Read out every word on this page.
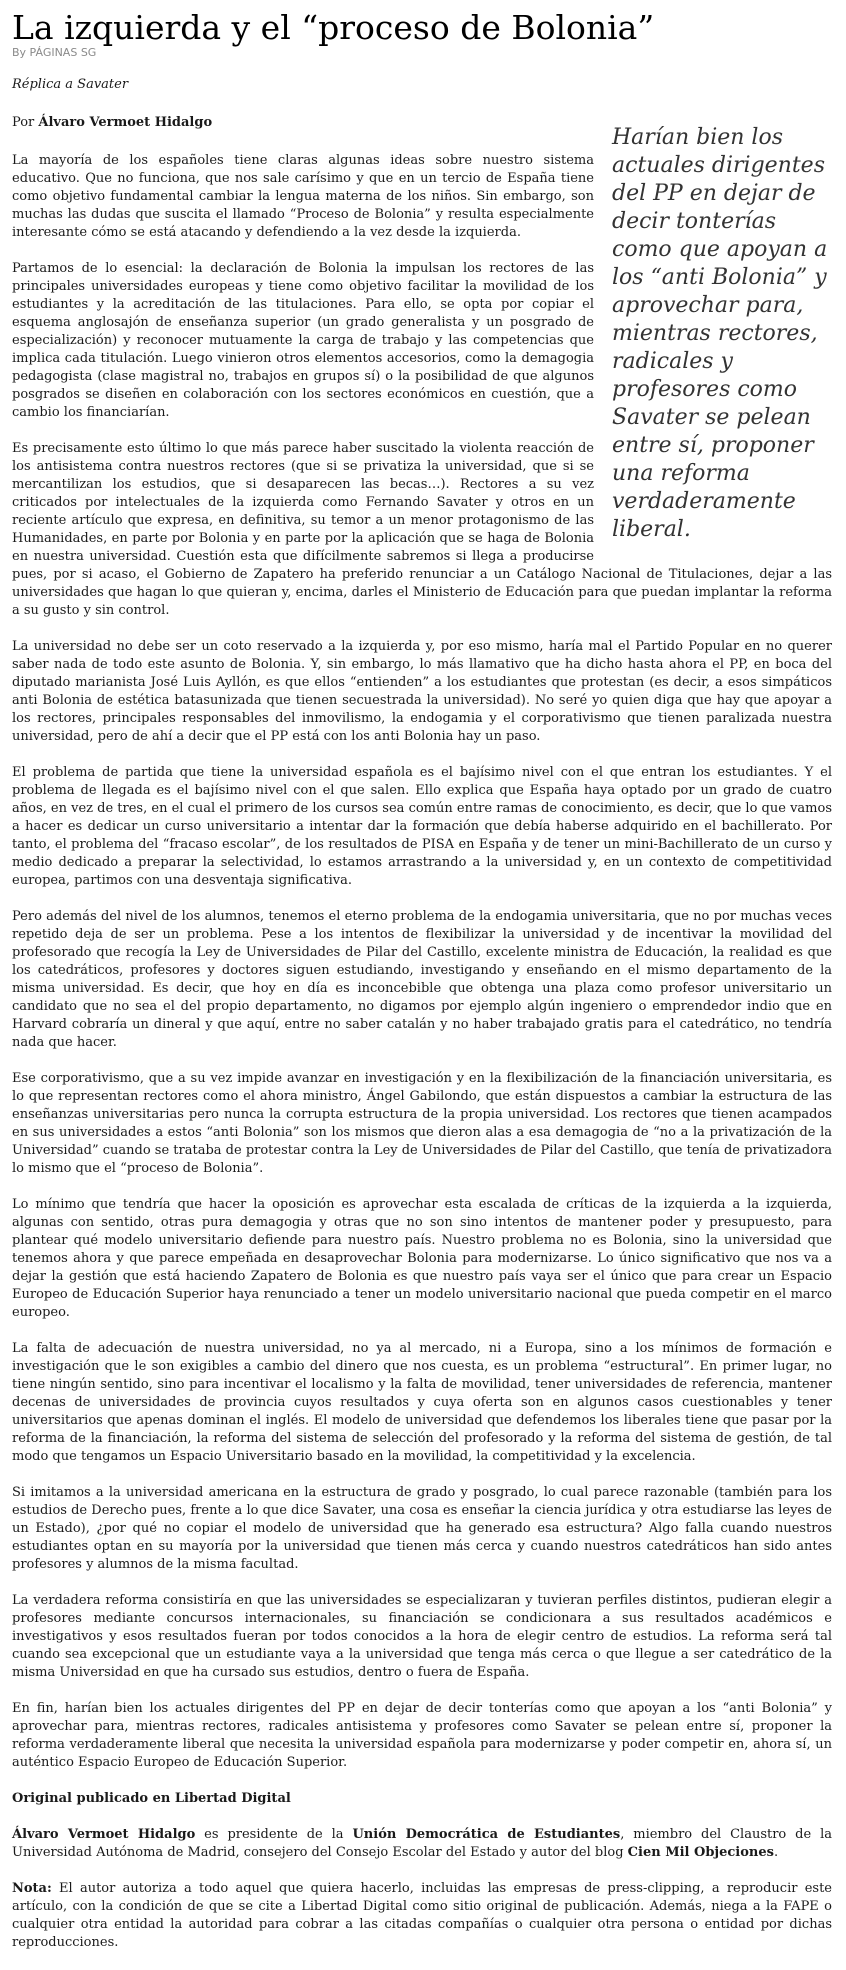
La izquierda y el “proceso de Bolonia”
By PÁGINAS SG

Réplica a Savater

Harían bien los actuales dirigentes del PP en dejar de decir tonterías como que apoyan a los “anti Bolonia” y aprovechar para, mientras rectores, radicales y profesores como Savater se pelean entre sí, proponer una reforma verdaderamente liberal.

Por Álvaro Vermoet Hidalgo

La mayoría de los españoles tiene claras algunas ideas sobre nuestro sistema educativo. Que no funciona, que nos sale carísimo y que en un tercio de España tiene como objetivo fundamental cambiar la lengua materna de los niños. Sin embargo, son muchas las dudas que suscita el llamado “Proceso de Bolonia” y resulta especialmente interesante cómo se está atacando y defendiendo a la vez desde la izquierda.

Partamos de lo esencial: la declaración de Bolonia la impulsan los rectores de las principales universidades europeas y tiene como objetivo facilitar la movilidad de los estudiantes y la acreditación de las titulaciones. Para ello, se opta por copiar el esquema anglosajón de enseñanza superior (un grado generalista y un posgrado de especialización) y reconocer mutuamente la carga de trabajo y las competencias que implica cada titulación. Luego vinieron otros elementos accesorios, como la demagogia pedagogista (clase magistral no, trabajos en grupos sí) o la posibilidad de que algunos posgrados se diseñen en colaboración con los sectores económicos en cuestión, que a cambio los financiarían.

Es precisamente esto último lo que más parece haber suscitado la violenta reacción de los antisistema contra nuestros rectores (que si se privatiza la universidad, que si se mercantilizan los estudios, que si desaparecen las becas…). Rectores a su vez criticados por intelectuales de la izquierda como Fernando Savater y otros en un reciente artículo que expresa, en definitiva, su temor a un menor protagonismo de las Humanidades, en parte por Bolonia y en parte por la aplicación que se haga de Bolonia en nuestra universidad. Cuestión esta que difícilmente sabremos si llega a producirse pues, por si acaso, el Gobierno de Zapatero ha preferido renunciar a un Catálogo Nacional de Titulaciones, dejar a las universidades que hagan lo que quieran y, encima, darles el Ministerio de Educación para que puedan implantar la reforma a su gusto y sin control.

La universidad no debe ser un coto reservado a la izquierda y, por eso mismo, haría mal el Partido Popular en no querer saber nada de todo este asunto de Bolonia. Y, sin embargo, lo más llamativo que ha dicho hasta ahora el PP, en boca del diputado marianista José Luis Ayllón, es que ellos “entienden” a los estudiantes que protestan (es decir, a esos simpáticos anti Bolonia de estética batasunizada que tienen secuestrada la universidad). No seré yo quien diga que hay que apoyar a los rectores, principales responsables del inmovilismo, la endogamia y el corporativismo que tienen paralizada nuestra universidad, pero de ahí a decir que el PP está con los anti Bolonia hay un paso.

El problema de partida que tiene la universidad española es el bajísimo nivel con el que entran los estudiantes. Y el problema de llegada es el bajísimo nivel con el que salen. Ello explica que España haya optado por un grado de cuatro años, en vez de tres, en el cual el primero de los cursos sea común entre ramas de conocimiento, es decir, que lo que vamos a hacer es dedicar un curso universitario a intentar dar la formación que debía haberse adquirido en el bachillerato. Por tanto, el problema del “fracaso escolar”, de los resultados de PISA en España y de tener un mini-Bachillerato de un curso y medio dedicado a preparar la selectividad, lo estamos arrastrando a la universidad y, en un contexto de competitividad europea, partimos con una desventaja significativa.

Pero además del nivel de los alumnos, tenemos el eterno problema de la endogamia universitaria, que no por muchas veces repetido deja de ser un problema. Pese a los intentos de flexibilizar la universidad y de incentivar la movilidad del profesorado que recogía la Ley de Universidades de Pilar del Castillo, excelente ministra de Educación, la realidad es que los catedráticos, profesores y doctores siguen estudiando, investigando y enseñando en el mismo departamento de la misma universidad. Es decir, que hoy en día es inconcebible que obtenga una plaza como profesor universitario un candidato que no sea el del propio departamento, no digamos por ejemplo algún ingeniero o emprendedor indio que en Harvard cobraría un dineral y que aquí, entre no saber catalán y no haber trabajado gratis para el catedrático, no tendría nada que hacer.

Ese corporativismo, que a su vez impide avanzar en investigación y en la flexibilización de la financiación universitaria, es lo que representan rectores como el ahora ministro, Ángel Gabilondo, que están dispuestos a cambiar la estructura de las enseñanzas universitarias pero nunca la corrupta estructura de la propia universidad. Los rectores que tienen acampados en sus universidades a estos “anti Bolonia” son los mismos que dieron alas a esa demagogia de “no a la privatización de la Universidad” cuando se trataba de protestar contra la Ley de Universidades de Pilar del Castillo, que tenía de privatizadora lo mismo que el “proceso de Bolonia”.

Lo mínimo que tendría que hacer la oposición es aprovechar esta escalada de críticas de la izquierda a la izquierda, algunas con sentido, otras pura demagogia y otras que no son sino intentos de mantener poder y presupuesto, para plantear qué modelo universitario defiende para nuestro país. Nuestro problema no es Bolonia, sino la universidad que tenemos ahora y que parece empeñada en desaprovechar Bolonia para modernizarse. Lo único significativo que nos va a dejar la gestión que está haciendo Zapatero de Bolonia es que nuestro país vaya ser el único que para crear un Espacio Europeo de Educación Superior haya renunciado a tener un modelo universitario nacional que pueda competir en el marco europeo.

La falta de adecuación de nuestra universidad, no ya al mercado, ni a Europa, sino a los mínimos de formación e investigación que le son exigibles a cambio del dinero que nos cuesta, es un problema “estructural”. En primer lugar, no tiene ningún sentido, sino para incentivar el localismo y la falta de movilidad, tener universidades de referencia, mantener decenas de universidades de provincia cuyos resultados y cuya oferta son en algunos casos cuestionables y tener universitarios que apenas dominan el inglés. El modelo de universidad que defendemos los liberales tiene que pasar por la reforma de la financiación, la reforma del sistema de selección del profesorado y la reforma del sistema de gestión, de tal modo que tengamos un Espacio Universitario basado en la movilidad, la competitividad y la excelencia.

Si imitamos a la universidad americana en la estructura de grado y posgrado, lo cual parece razonable (también para los estudios de Derecho pues, frente a lo que dice Savater, una cosa es enseñar la ciencia jurídica y otra estudiarse las leyes de un Estado), ¿por qué no copiar el modelo de universidad que ha generado esa estructura? Algo falla cuando nuestros estudiantes optan en su mayoría por la universidad que tienen más cerca y cuando nuestros catedráticos han sido antes profesores y alumnos de la misma facultad.

La verdadera reforma consistiría en que las universidades se especializaran y tuvieran perfiles distintos, pudieran elegir a profesores mediante concursos internacionales, su financiación se condicionara a sus resultados académicos e investigativos y esos resultados fueran por todos conocidos a la hora de elegir centro de estudios. La reforma será tal cuando sea excepcional que un estudiante vaya a la universidad que tenga más cerca o que llegue a ser catedrático de la misma Universidad en que ha cursado sus estudios, dentro o fuera de España.

En fin, harían bien los actuales dirigentes del PP en dejar de decir tonterías como que apoyan a los “anti Bolonia” y aprovechar para, mientras rectores, radicales antisistema y profesores como Savater se pelean entre sí, proponer la reforma verdaderamente liberal que necesita la universidad española para modernizarse y poder competir en, ahora sí, un auténtico Espacio Europeo de Educación Superior.

Original publicado en Libertad Digital

Álvaro Vermoet Hidalgo es presidente de la Unión Democrática de Estudiantes, miembro del Claustro de la Universidad Autónoma de Madrid, consejero del Consejo Escolar del Estado y autor del blog Cien Mil Objeciones.

Nota: El autor autoriza a todo aquel que quiera hacerlo, incluidas las empresas de press-clipping, a reproducir este artículo, con la condición de que se cite a Libertad Digital como sitio original de publicación. Además, niega a la FAPE o cualquier otra entidad la autoridad para cobrar a las citadas compañías o cualquier otra persona o entidad por dichas reproducciones.
